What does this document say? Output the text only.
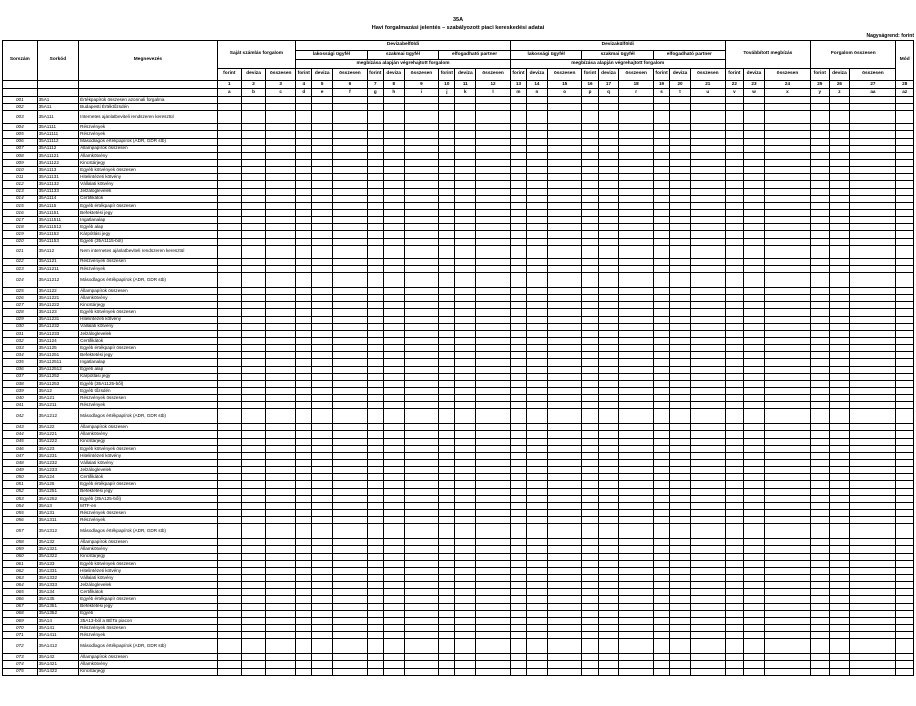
35A
Havi forgalmazási jelentés – szabályozott piaci kereskedési adatai
Nagyságrend: forint
Sorszám	Sorkód	Megnevezés	Saját számlás forgalom			Devizabelföldi									Devizakülföldi									Továbbított megbízás			Forgalom összesen			Mód
						lakossági ügyfél			szakmai ügyfél			elfogadható partner			lakossági ügyfél			szakmai ügyfél			elfogadható partner									
						megbízása alapján végrehajtott forgalom									megbízása alapján végrehajtott forgalom															
			forint	deviza	összesen	forint	deviza	összesen	forint	deviza	összesen	forint	deviza	összesen	forint	deviza	összesen	forint	deviza	összesen	forint	deviza	összesen	forint	deviza	összesen	forint	deviza	összesen	
			1	2	3	4	5	6	7	8	9	10	11	12	13	14	15	16	17	18	19	20	21	22	23	24	25	26	27	28
			a	b	c	d	e	f	g	h	i	j	k	l	m	n	o	p	q	r	s	t	u	v	w	x	y	z	aa	az
001	35A1	Értékpapírok összesen azonnali forgalma																												
002	35A11	Budapesti Értéktőzsdén																												
003	35A111	Internetes ajánlatbeviteli rendszeren keresztül																												
004	35A1111	Részvények																												
005	35A11111	Részvények																												
006	35A11112	Másodlagos értékpapírok (ADR, GDR stb)																												
007	35A1112	Állampapírok összesen																												
008	35A11121	Államkötvény																												
009	35A11122	Kincstárjegy																												
010	35A1113	Egyéb kötvények összesen																												
011	35A11131	Hitelintézeti kötvény																												
012	35A11132	Vállalati kötvény																												
013	35A11133	Jelzáloglevelek																												
014	35A1114	Certifikátok																												
015	35A1115	Egyéb értékpapír összesen																												
016	35A11151	Befektetési jegy																												
017	35A111511	Ingatlanalap																												
018	35A111512	Egyéb alap																												
019	35A11152	Kárpótlási jegy																												
020	35A11153	Egyéb (35A1115-ből)																												
021	35A112	Nem internetes ajánlatbeviteli rendszeren keresztül																												
022	35A1121	Részvények összesen																												
023	35A11211	Részvények																												
024	35A11212	Másodlagos értékpapírok (ADR, GDR stb)																												
025	35A1122	Állampapírok összesen																												
026	35A11221	Államkötvény																												
027	35A11222	Kincstárjegy																												
028	35A1123	Egyéb kötvények összesen																												
029	35A11231	Hitelintézeti kötvény																												
030	35A11232	Vállalati kötvény																												
031	35A11233	Jelzáloglevelek																												
032	35A1124	Certifikátok																												
033	35A1125	Egyéb értékpapír összesen																												
034	35A11251	Befektetési jegy																												
035	35A112511	Ingatlanalap																												
036	35A112512	Egyéb alap																												
037	35A11252	Kárpótlási jegy																												
038	35A11253	Egyéb (35A1125-ből)																												
039	35A12	Egyéb tőzsdén																												
040	35A121	Részvények összesen																												
041	35A1211	Részvények																												
042	35A1212	Másodlagos értékpapírok (ADR, GDR stb)																												
043	35A122	Állampapírok összesen																												
044	35A1221	Államkötvény																												
045	35A1222	Kincstárjegy																												
046	35A123	Egyéb kötvények összesen																												
047	35A1231	Hitelintézeti kötvény																												
048	35A1232	Vállalati kötvény																												
049	35A1233	Jelzáloglevelek																												
050	35A124	Certifikátok																												
051	35A125	Egyéb értékpapír összesen																												
052	35A1251	Befektetési jegy																												
053	35A1252	Egyéb (35A125-ből)																												
054	35A13	MTF-en																												
055	35A131	Részvények összesen																												
056	35A1311	Részvények																												
057	35A1312	Másodlagos értékpapírok (ADR, GDR stb)																												
058	35A132	Állampapírok összesen																												
059	35A1321	Államkötvény																												
060	35A1322	Kincstárjegy																												
061	35A133	Egyéb kötvények összesen																												
062	35A1331	Hitelintézeti kötvény																												
063	35A1332	Vállalati kötvény																												
064	35A1333	Jelzáloglevelek																												
065	35A134	Certifikátok																												
066	35A135	Egyéb értékpapír összesen																												
067	35A1351	Befektetési jegy																												
068	35A1352	Egyéb																												
069	35A14	35A13-ból a BÉTa piacon																												
070	35A141	Részvények összesen																												
071	35A1411	Részvények																												
072	35A1412	Másodlagos értékpapírok (ADR, GDR stb)																												
073	35A142	Állampapírok összesen																												
074	35A1421	Államkötvény																												
075	35A1422	Kincstárjegy																												
